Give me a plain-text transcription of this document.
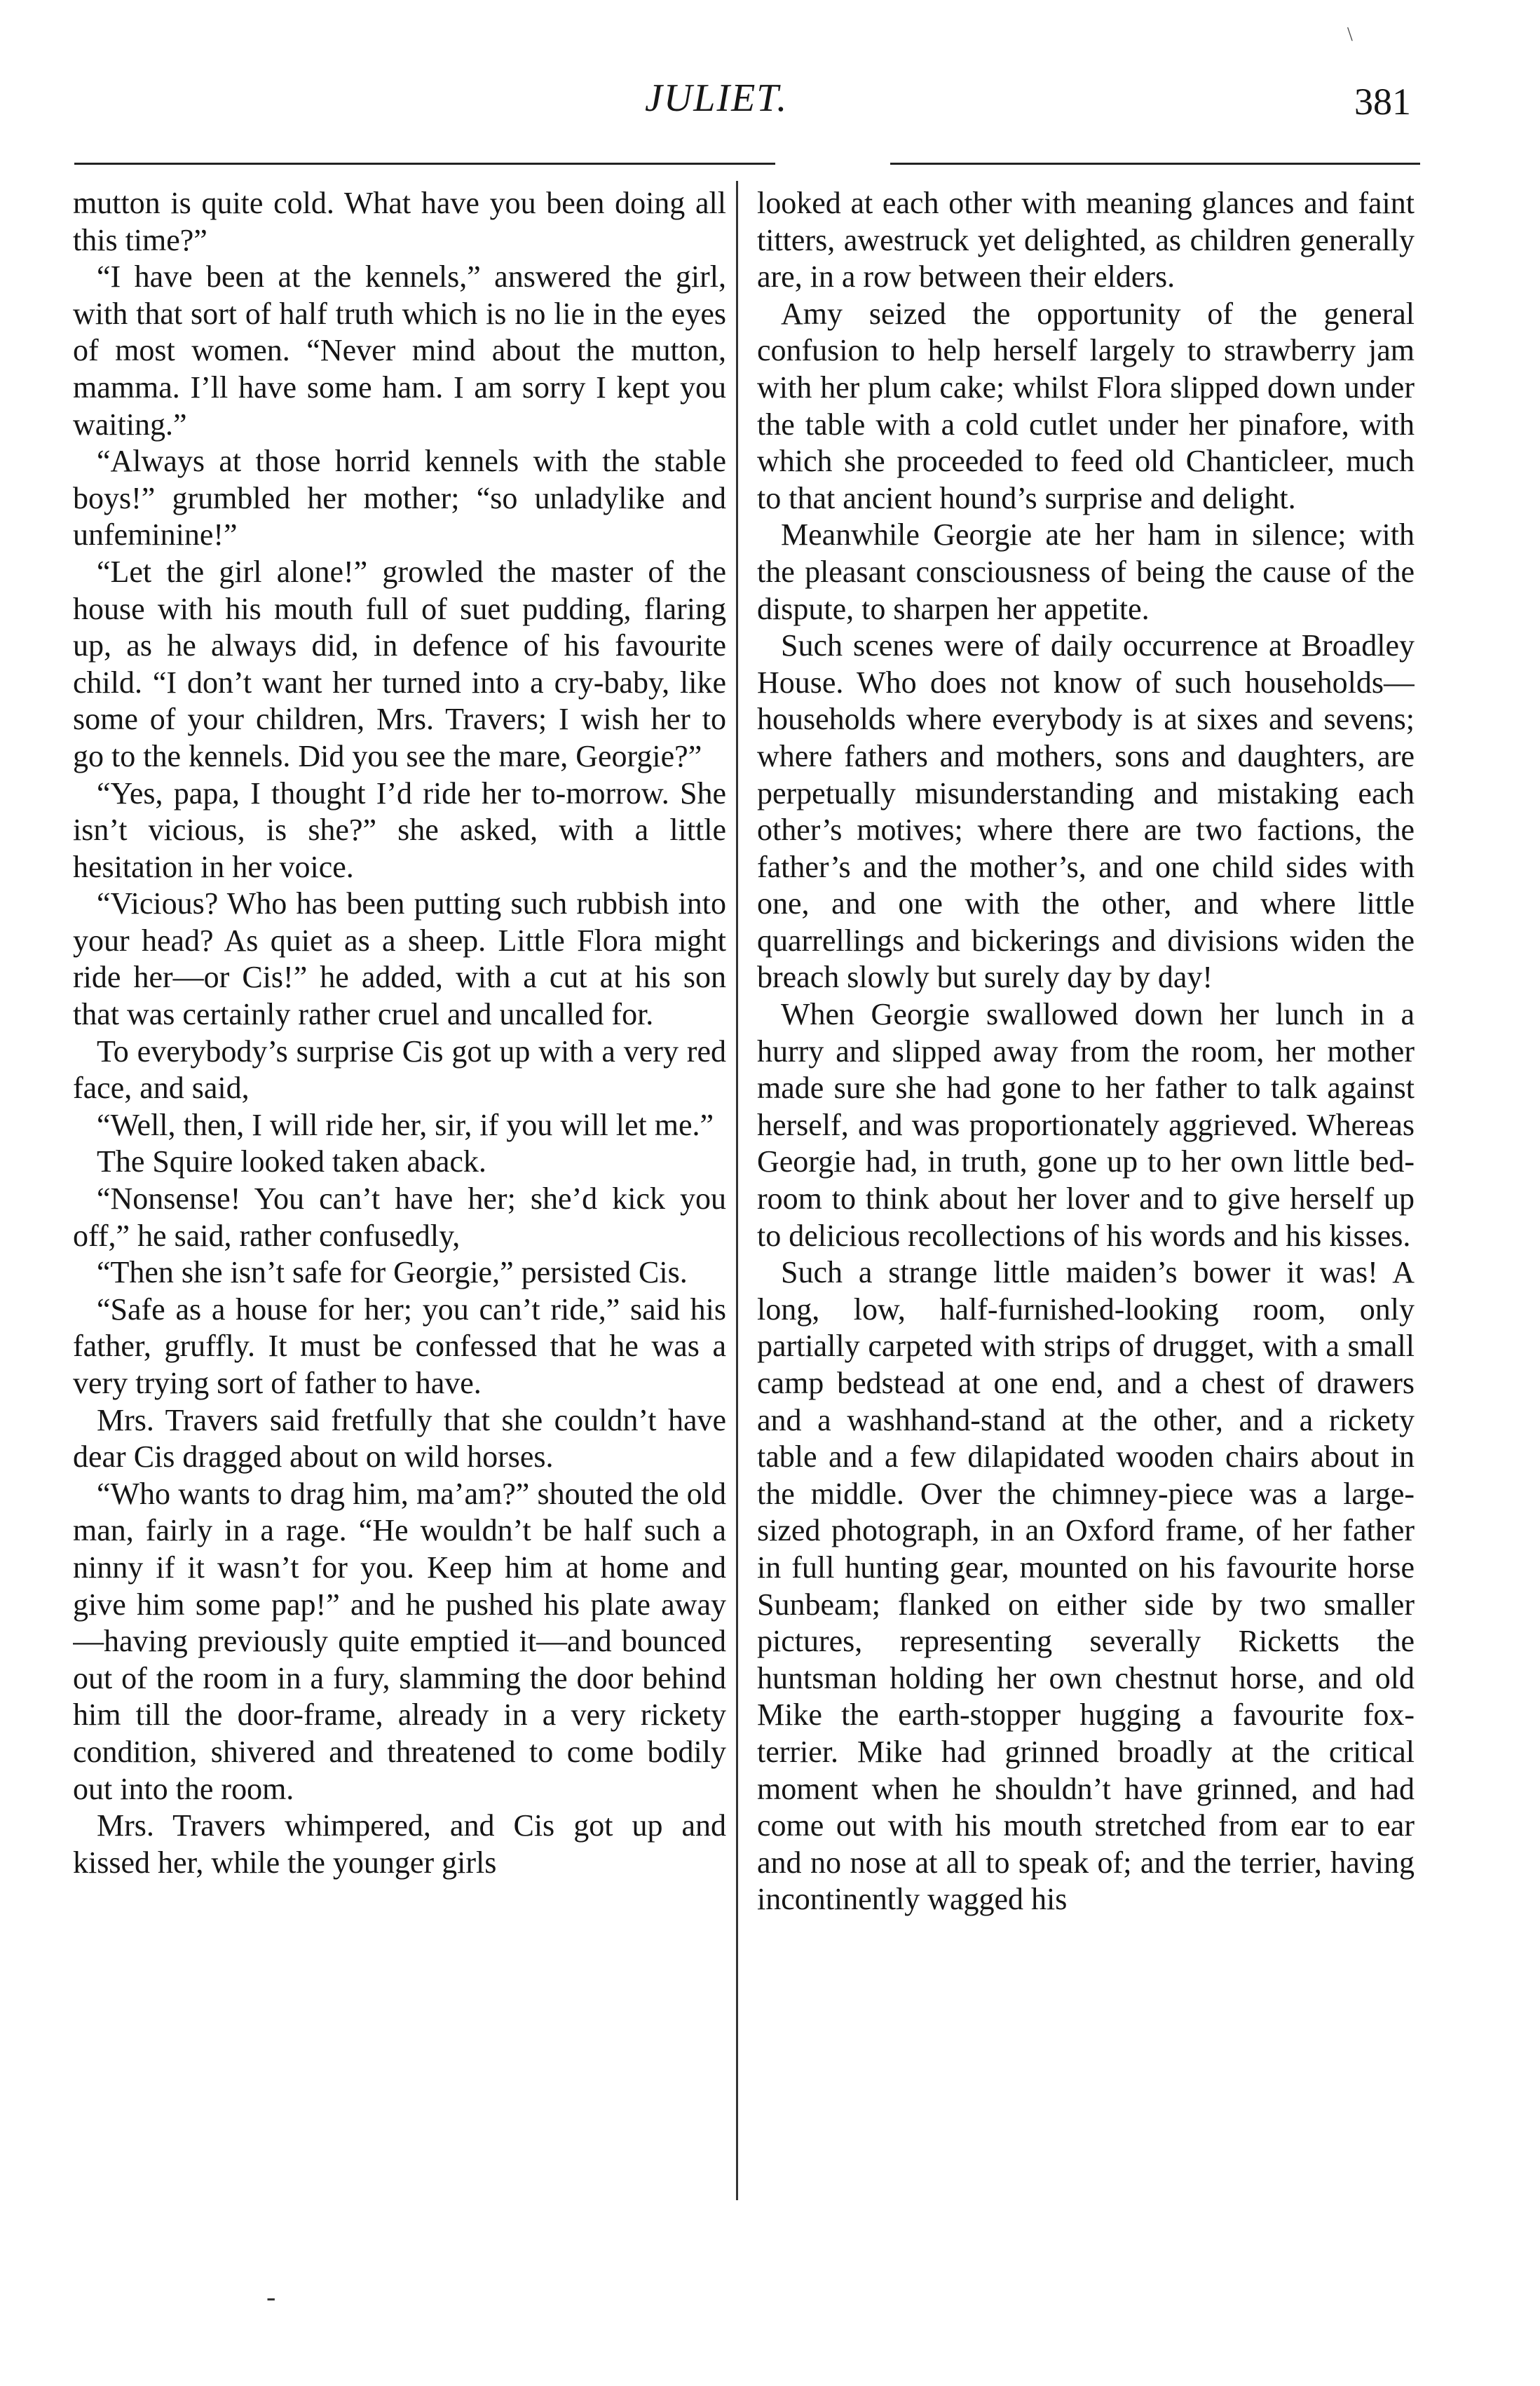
\
JULIET.	381

mutton is quite cold. What have you been doing all this time?”

“I have been at the kennels,” answered the girl, with that sort of half truth which is no lie in the eyes of most women. “Never mind about the mutton, mamma. I’ll have some ham. I am sorry I kept you waiting.”

“Always at those horrid kennels with the stable boys!” grumbled her mother; “so unladylike and unfeminine!”

“Let the girl alone!” growled the master of the house with his mouth full of suet pudding, flaring up, as he always did, in defence of his favourite child. “I don’t want her turned into a cry-baby, like some of your children, Mrs. Travers; I wish her to go to the kennels. Did you see the mare, Georgie?”

“Yes, papa, I thought I’d ride her to-morrow. She isn’t vicious, is she?” she asked, with a little hesitation in her voice.

“Vicious? Who has been putting such rubbish into your head? As quiet as a sheep. Little Flora might ride her—or Cis!” he added, with a cut at his son that was certainly rather cruel and uncalled for.

To everybody’s surprise Cis got up with a very red face, and said,

“Well, then, I will ride her, sir, if you will let me.”

The Squire looked taken aback.

“Nonsense! You can’t have her; she’d kick you off,” he said, rather confusedly,

“Then she isn’t safe for Georgie,” persisted Cis.

“Safe as a house for her; you can’t ride,” said his father, gruffly. It must be confessed that he was a very trying sort of father to have.

Mrs. Travers said fretfully that she couldn’t have dear Cis dragged about on wild horses.

“Who wants to drag him, ma’am?” shouted the old man, fairly in a rage. “He wouldn’t be half such a ninny if it wasn’t for you. Keep him at home and give him some pap!” and he pushed his plate away—having previously quite emptied it—and bounced out of the room in a fury, slamming the door behind him till the door-frame, already in a very rickety condition, shivered and threatened to come bodily out into the room.

Mrs. Travers whimpered, and Cis got up and kissed her, while the younger girls

looked at each other with meaning glances and faint titters, awestruck yet delighted, as children generally are, in a row between their elders.

Amy seized the opportunity of the general confusion to help herself largely to strawberry jam with her plum cake; whilst Flora slipped down under the table with a cold cutlet under her pinafore, with which she proceeded to feed old Chanticleer, much to that ancient hound’s surprise and delight.

Meanwhile Georgie ate her ham in silence; with the pleasant consciousness of being the cause of the dispute, to sharpen her appetite.

Such scenes were of daily occurrence at Broadley House. Who does not know of such households—households where everybody is at sixes and sevens; where fathers and mothers, sons and daughters, are perpetually misunderstanding and mistaking each other’s motives; where there are two factions, the father’s and the mother’s, and one child sides with one, and one with the other, and where little quarrellings and bickerings and divisions widen the breach slowly but surely day by day!

When Georgie swallowed down her lunch in a hurry and slipped away from the room, her mother made sure she had gone to her father to talk against herself, and was proportionately aggrieved. Whereas Georgie had, in truth, gone up to her own little bed-room to think about her lover and to give herself up to delicious recollections of his words and his kisses.

Such a strange little maiden’s bower it was! A long, low, half-furnished-looking room, only partially carpeted with strips of drugget, with a small camp bedstead at one end, and a chest of drawers and a washhand-stand at the other, and a rickety table and a few dilapidated wooden chairs about in the middle. Over the chimney-piece was a large-sized photograph, in an Oxford frame, of her father in full hunting gear, mounted on his favourite horse Sunbeam; flanked on either side by two smaller pictures, representing severally Ricketts the huntsman holding her own chestnut horse, and old Mike the earth-stopper hugging a favourite fox-terrier. Mike had grinned broadly at the critical moment when he shouldn’t have grinned, and had come out with his mouth stretched from ear to ear and no nose at all to speak of; and the terrier, having incontinently wagged his

-
